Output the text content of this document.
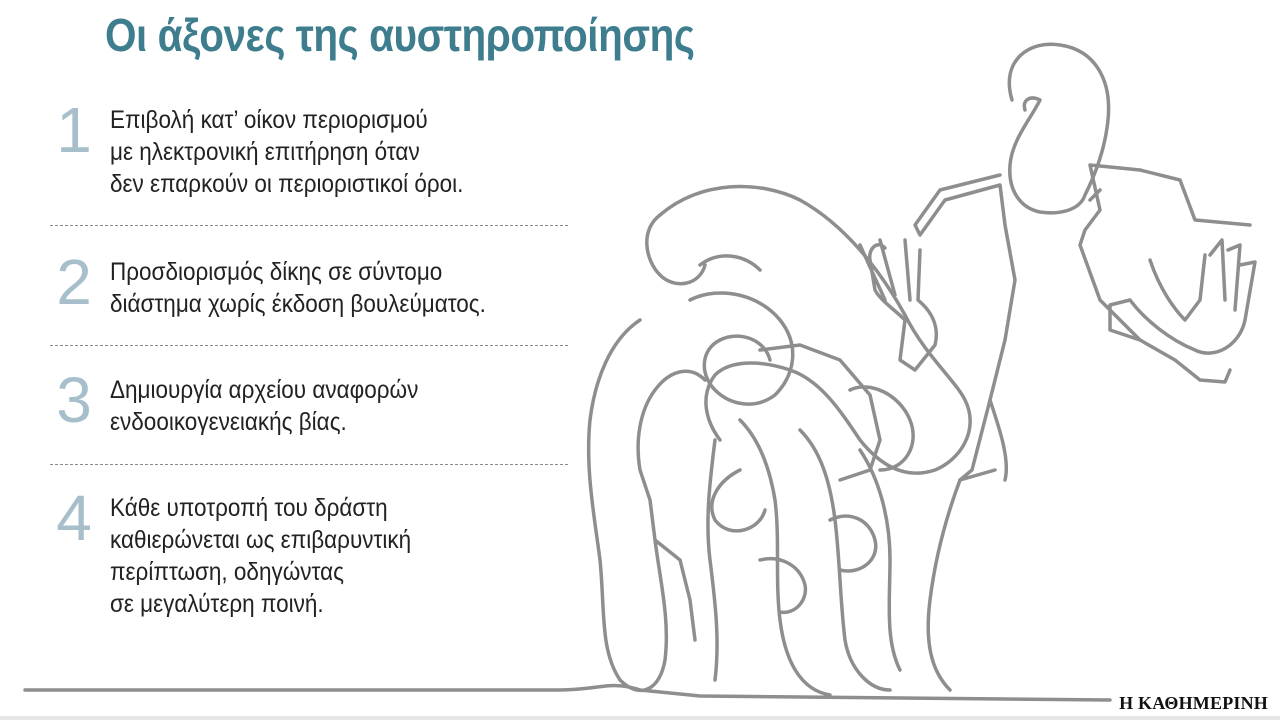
Οι άξονες της αυστηροποίησης
1 Επιβολή κατ’ οίκον περιορισμού
με ηλεκτρονική επιτήρηση όταν
δεν επαρκούν οι περιοριστικοί όροι.
2 Προσδιορισμός δίκης σε σύντομο
διάστημα χωρίς έκδοση βουλεύματος.
3 Δημιουργία αρχείου αναφορών
ενδοοικογενειακής βίας.
4 Κάθε υποτροπή του δράστη
καθιερώνεται ως επιβαρυντική
περίπτωση, οδηγώντας
σε μεγαλύτερη ποινή.
Η ΚΑΘΗΜΕΡΙΝΗ
